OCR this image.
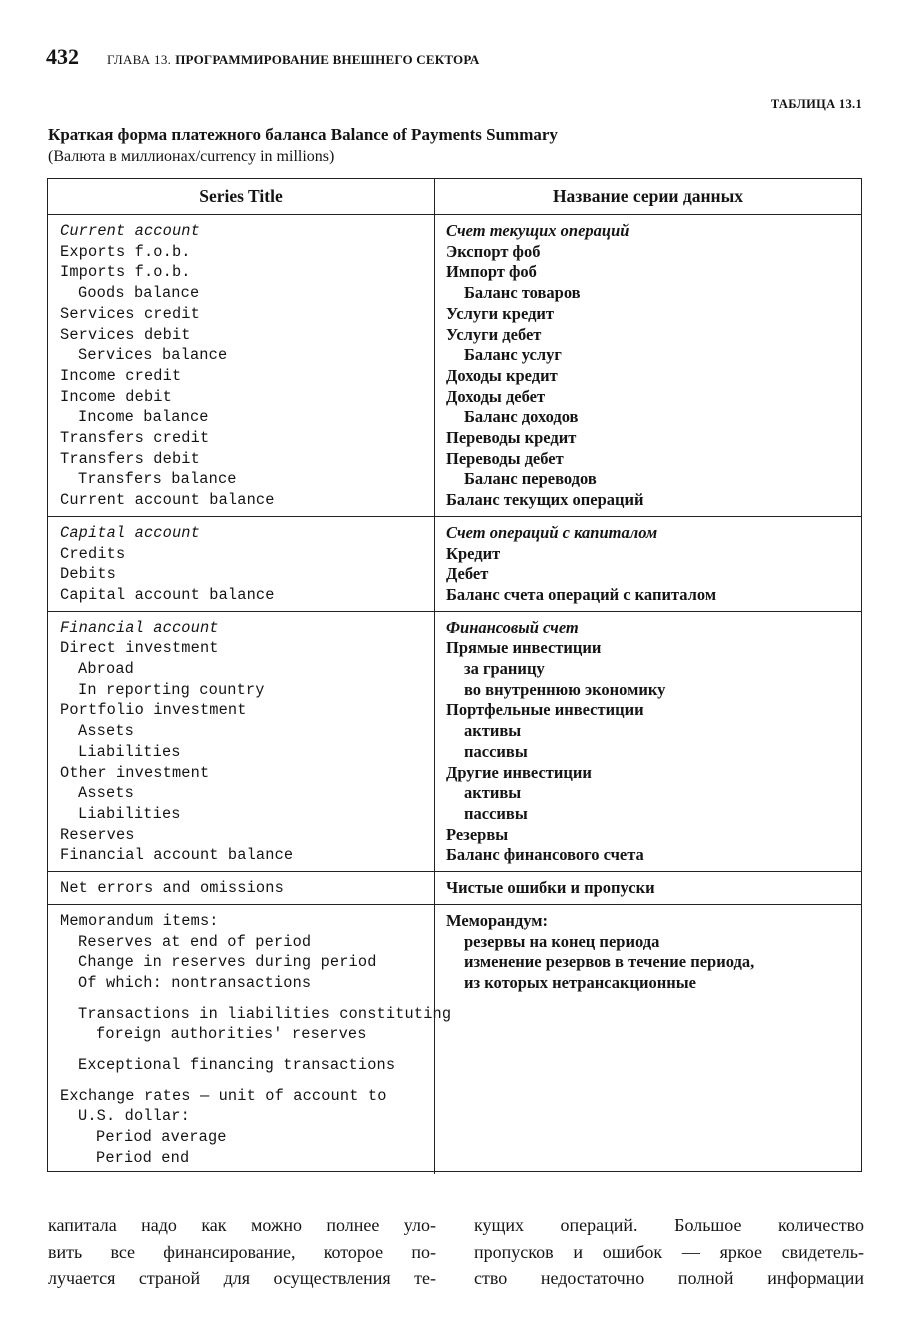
432 ГЛАВА 13. ПРОГРАММИРОВАНИЕ ВНЕШНЕГО СЕКТОРА
ТАБЛИЦА 13.1
Краткая форма платежного баланса Balance of Payments Summary
(Валюта в миллионах/currency in millions)
Series Title	Название серии данных
Current account
Exports f.o.b.
Imports f.o.b.
Goods balance
Services credit
Services debit
Services balance
Income credit
Income debit
Income balance
Transfers credit
Transfers debit
Transfers balance
Current account balance
Счет текущих операций
Экспорт фоб
Импорт фоб
Баланс товаров
Услуги кредит
Услуги дебет
Баланс услуг
Доходы кредит
Доходы дебет
Баланс доходов
Переводы кредит
Переводы дебет
Баланс переводов
Баланс текущих операций
Capital account
Credits
Debits
Capital account balance
Счет операций с капиталом
Кредит
Дебет
Баланс счета операций с капиталом
Financial account
Direct investment
Abroad
In reporting country
Portfolio investment
Assets
Liabilities
Other investment
Assets
Liabilities
Reserves
Financial account balance
Финансовый счет
Прямые инвестиции
за границу
во внутреннюю экономику
Портфельные инвестиции
активы
пассивы
Другие инвестиции
активы
пассивы
Резервы
Баланс финансового счета
Net errors and omissions	Чистые ошибки и пропуски
Memorandum items:
Reserves at end of period
Change in reserves during period
Of which: nontransactions
Transactions in liabilities constituting
foreign authorities' reserves
Exceptional financing transactions
Exchange rates — unit of account to
U.S. dollar:
Period average
Period end
Меморандум:
резервы на конец периода
изменение резервов в течение периода,
из которых нетрансакционные
капитала надо как можно полнее уло-
вить все финансирование, которое по-
лучается страной для осуществления те-
кущих операций. Большое количество
пропусков и ошибок — яркое свидетель-
ство недостаточно полной информации
